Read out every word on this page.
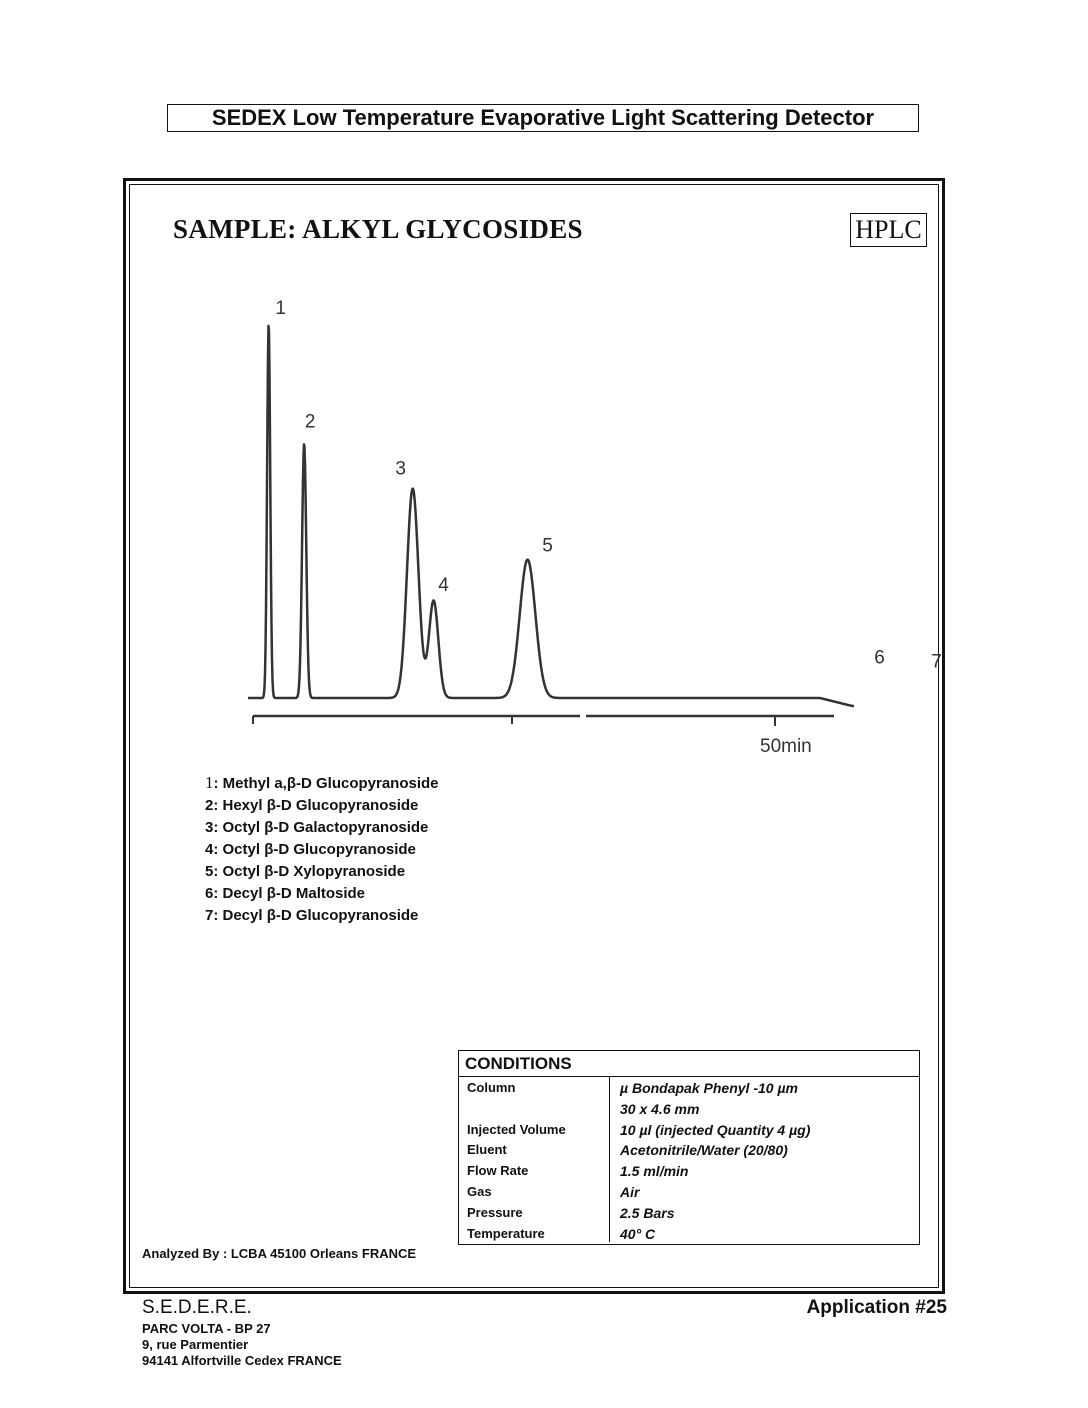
SEDEX Low Temperature Evaporative Light Scattering Detector
SAMPLE: ALKYL GLYCOSIDES	HPLC
50min
1
2
3
4
5
6 7
1: Methyl a,β-D Glucopyranoside
2: Hexyl β-D Glucopyranoside
3: Octyl β-D Galactopyranoside
4: Octyl β-D Glucopyranoside
5: Octyl β-D Xylopyranoside
6: Decyl β-D Maltoside
7: Decyl β-D Glucopyranoside
CONDITIONS
Column
Injected Volume
Eluent
Flow Rate
Gas
Pressure
Temperature
µ Bondapak Phenyl -10 µm
30 x 4.6 mm
10 µl (injected Quantity 4 µg)
Acetonitrile/Water (20/80)
1.5 ml/min
Air
2.5 Bars
40° C
Analyzed By : LCBA 45100 Orleans FRANCE
S.E.D.E.R.E.
PARC VOLTA - BP 27
9, rue Parmentier
94141 Alfortville Cedex FRANCE
Application #25
